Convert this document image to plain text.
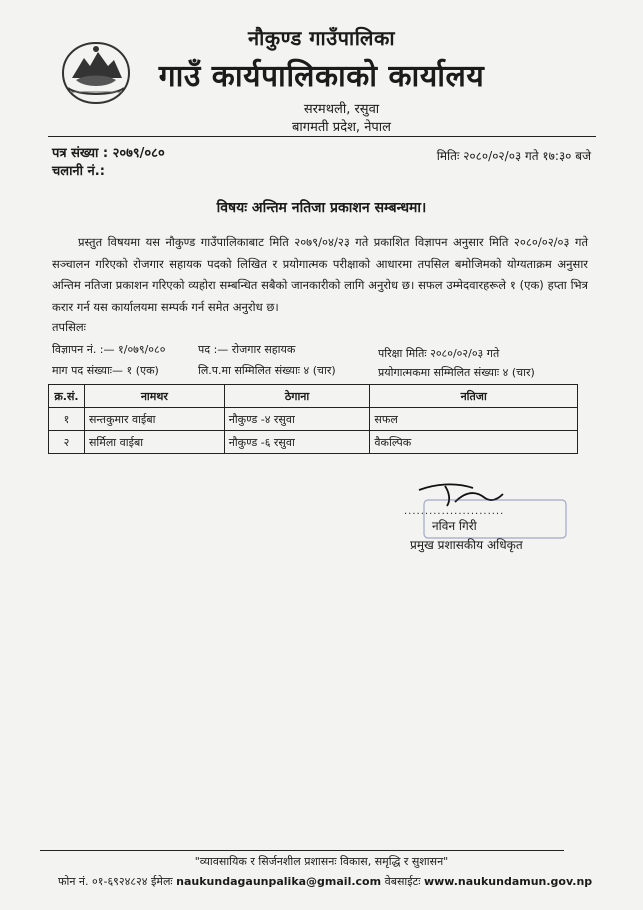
नौकुण्ड गाउँपालिका
गाउँ कार्यपालिकाको कार्यालय
सरमथली, रसुवा
बागमती प्रदेश, नेपाल
पत्र संख्या : २०७९/०८०
चलानी नं.:
मितिः २०८०/०२/०३ गते १७:३० बजे
विषयः अन्तिम नतिजा प्रकाशन सम्बन्धमा।
प्रस्तुत विषयमा यस नौकुण्ड गाउँपालिकाबाट मिति २०७९/०४/२३ गते प्रकाशित विज्ञापन अनुसार मिति २०८०/०२/०३ गते सञ्चालन गरिएको रोजगार सहायक पदको लिखित र प्रयोगात्मक परीक्षाको आधारमा तपसिल बमोजिमको योग्यताक्रम अनुसार अन्तिम नतिजा प्रकाशन गरिएको व्यहोरा सम्बन्धित सबैको जानकारीको लागि अनुरोध छ। सफल उम्मेदवारहरूले १ (एक) हप्ता भित्र करार गर्न यस कार्यालयमा सम्पर्क गर्न समेत अनुरोध छ।
तपसिलः
विज्ञापन नं. :— १/०७९/०८०	पद :— रोजगार सहायक	परिक्षा मितिः २०८०/०२/०३ गते
माग पद संख्याः— १ (एक)	लि.प.मा सम्मिलित संख्याः ४ (चार)	प्रयोगात्मकमा सम्मिलित संख्याः ४ (चार)
क्र.सं.	नामथर	ठेगाना	नतिजा
१	सन्तकुमार वाईबा	नौकुण्ड -४ रसुवा	सफल
२	सर्मिला वाईबा	नौकुण्ड -६ रसुवा	वैकल्पिक
........................
नविन गिरी
प्रमुख प्रशासकीय अधिकृत
"व्यावसायिक र सिर्जनशील प्रशासनः विकास, समृद्धि र सुशासन"
फोन नं. ०१-६९२४८२४ ईमेलः naukundagaunpalika@gmail.com वेबसाईटः www.naukundamun.gov.np
